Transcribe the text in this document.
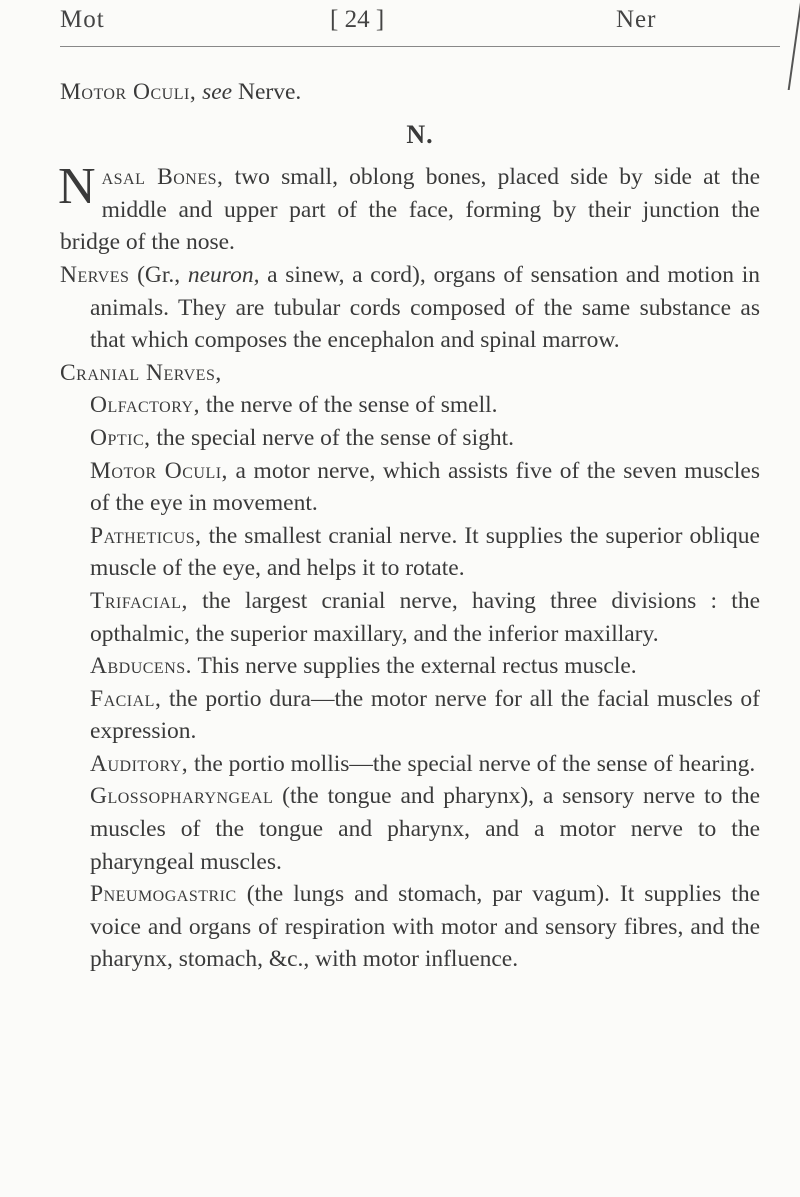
Mot	[ 24 ]	Ner

Motor Oculi, see Nerve.

N.

Nasal Bones, two small, oblong bones, placed side by side at the middle and upper part of the face, forming by their junction the bridge of the nose.

Nerves (Gr., neuron, a sinew, a cord), organs of sensation and motion in animals. They are tubular cords composed of the same substance as that which composes the encephalon and spinal marrow.

Cranial Nerves,

Olfactory, the nerve of the sense of smell.

Optic, the special nerve of the sense of sight.

Motor Oculi, a motor nerve, which assists five of the seven muscles of the eye in movement.

Patheticus, the smallest cranial nerve. It supplies the superior oblique muscle of the eye, and helps it to rotate.

Trifacial, the largest cranial nerve, having three divisions : the opthalmic, the superior maxillary, and the inferior maxillary.

Abducens. This nerve supplies the external rectus muscle.

Facial, the portio dura—the motor nerve for all the facial muscles of expression.

Auditory, the portio mollis—the special nerve of the sense of hearing.

Glossopharyngeal (the tongue and pharynx), a sensory nerve to the muscles of the tongue and pharynx, and a motor nerve to the pharyngeal muscles.

Pneumogastric (the lungs and stomach, par vagum). It supplies the voice and organs of respiration with motor and sensory fibres, and the pharynx, stomach, &c., with motor influence.
